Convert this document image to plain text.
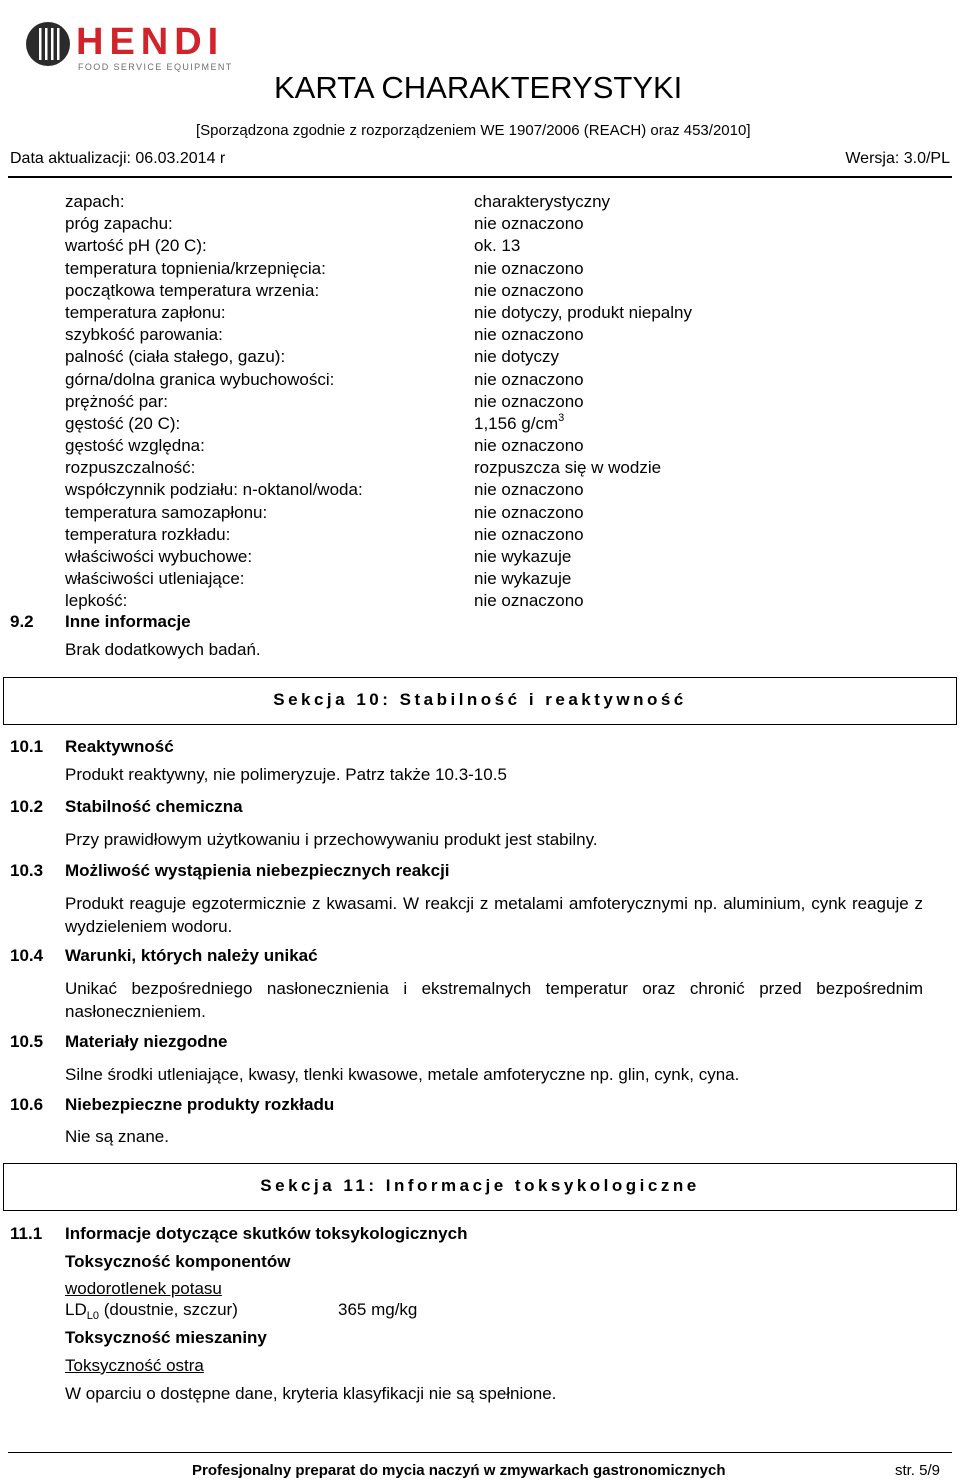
HENDI
FOOD SERVICE EQUIPMENT
KARTA CHARAKTERYSTYKI
[Sporządzona zgodnie z rozporządzeniem WE 1907/2006 (REACH) oraz 453/2010]
Data aktualizacji: 06.03.2014 r	Wersja: 3.0/PL
zapach:	charakterystyczny
próg zapachu:	nie oznaczono
wartość pH (20 C):	ok. 13
temperatura topnienia/krzepnięcia:	nie oznaczono
początkowa temperatura wrzenia:	nie oznaczono
temperatura zapłonu:	nie dotyczy, produkt niepalny
szybkość parowania:	nie oznaczono
palność (ciała stałego, gazu):	nie dotyczy
górna/dolna granica wybuchowości:	nie oznaczono
prężność par:	nie oznaczono
gęstość (20 C):	1,156 $g/cm^3$
gęstość względna:	nie oznaczono
rozpuszczalność:	rozpuszcza się w wodzie
współczynnik podziału: n-oktanol/woda:	nie oznaczono
temperatura samozapłonu:	nie oznaczono
temperatura rozkładu:	nie oznaczono
właściwości wybuchowe:	nie wykazuje
właściwości utleniające:	nie wykazuje
lepkość:	nie oznaczono
9.2 Inne informacje
Brak dodatkowych badań.
Sekcja 10: Stabilność i reaktywność
10.1 Reaktywność
Produkt reaktywny, nie polimeryzuje. Patrz także 10.3-10.5
10.2 Stabilność chemiczna
Przy prawidłowym użytkowaniu i przechowywaniu produkt jest stabilny.
10.3 Możliwość wystąpienia niebezpiecznych reakcji
Produkt reaguje egzotermicznie z kwasami. W reakcji z metalami amfoterycznymi np. aluminium, cynk reaguje z wydzieleniem wodoru.
10.4 Warunki, których należy unikać
Unikać bezpośredniego nasłonecznienia i ekstremalnych temperatur oraz chronić przed bezpośrednim nasłonecznieniem.
10.5 Materiały niezgodne
Silne środki utleniające, kwasy, tlenki kwasowe, metale amfoteryczne np. glin, cynk, cyna.
10.6 Niebezpieczne produkty rozkładu
Nie są znane.
Sekcja 11: Informacje toksykologiczne
11.1 Informacje dotyczące skutków toksykologicznych
Toksyczność komponentów
wodorotlenek potasu
$LD_{L0}$ (doustnie, szczur)	365 mg/kg
Toksyczność mieszaniny
Toksyczność ostra
W oparciu o dostępne dane, kryteria klasyfikacji nie są spełnione.
Profesjonalny preparat do mycia naczyń w zmywarkach gastronomicznych	str. 5/9
